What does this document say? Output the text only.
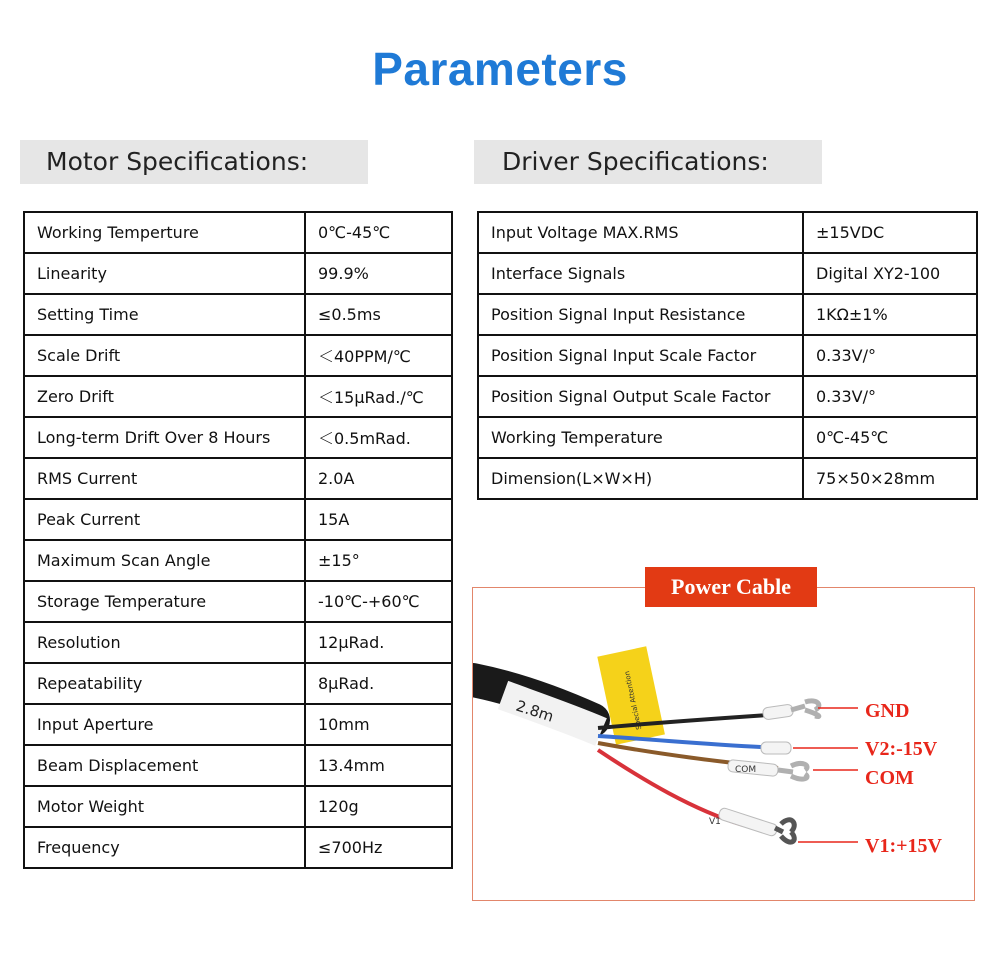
Parameters
Motor Specifications:	Driver Specifications:
Working Temperture	0℃-45℃
Linearity	99.9%
Setting Time	≤0.5ms
Scale Drift	＜40PPM/℃
Zero Drift	＜15μRad./℃
Long-term Drift Over 8 Hours	＜0.5mRad.
RMS Current	2.0A
Peak Current	15A
Maximum Scan Angle	±15°
Storage Temperature	-10℃-+60℃
Resolution	12μRad.
Repeatability	8μRad.
Input Aperture	10mm
Beam Displacement	13.4mm
Motor Weight	120g
Frequency	≤700Hz
Input Voltage MAX.RMS	±15VDC
Interface Signals	Digital XY2-100
Position Signal Input Resistance	1KΩ±1%
Position Signal Input Scale Factor	0.33V/°
Position Signal Output Scale Factor	0.33V/°
Working Temperature	0℃-45℃
Dimension(L×W×H)	75×50×28mm
Power Cable
2.8m	Special Attention
COM
V1
GND
V2:-15V
COM
V1:+15V
